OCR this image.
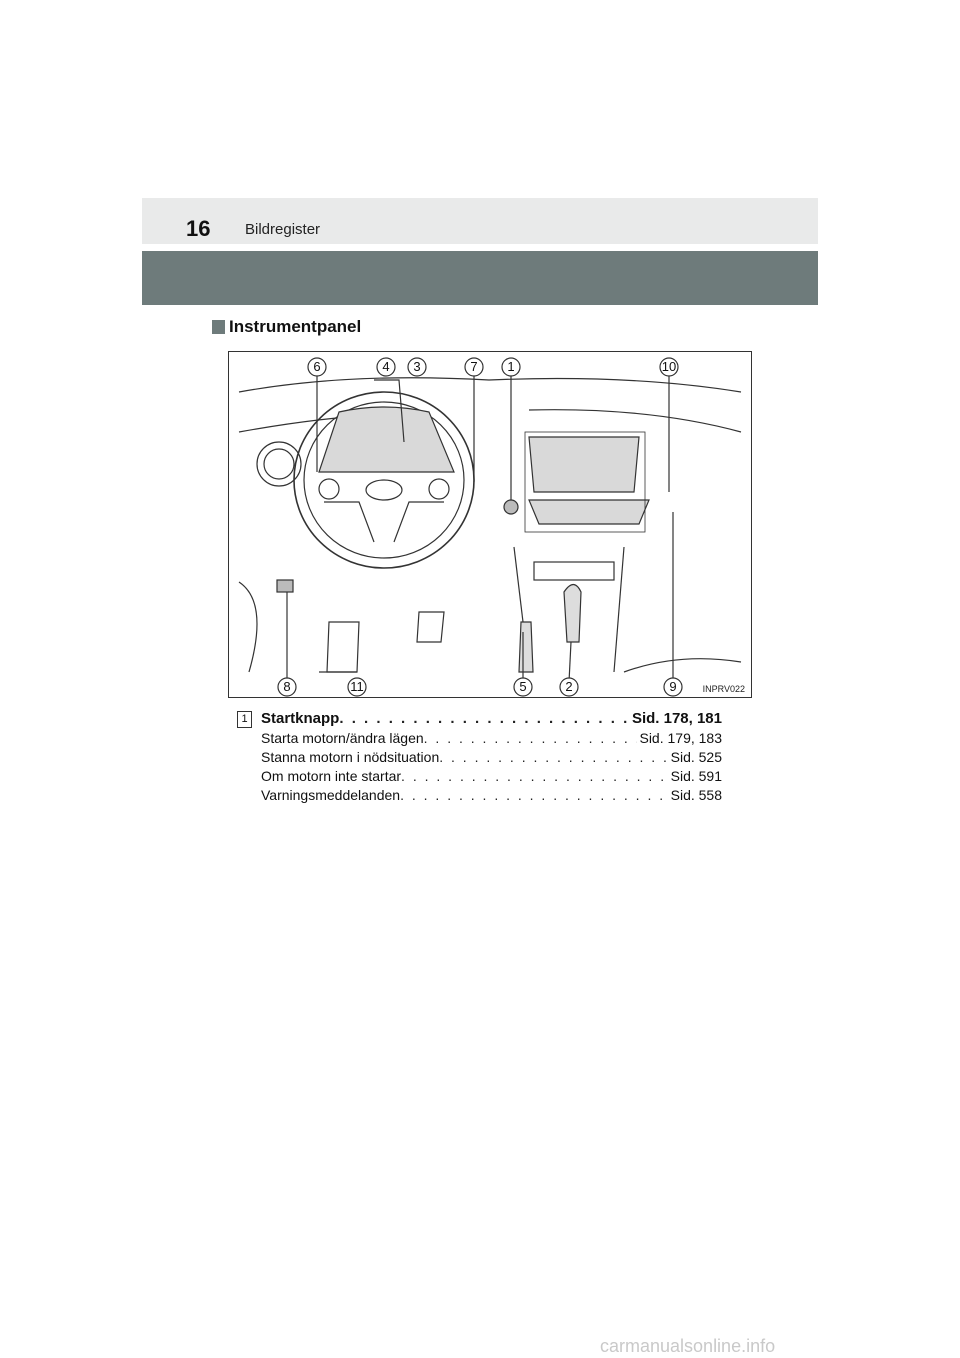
16 Bildregister
Instrumentpanel
6	4 3	7 1	10
8	11	5	2	9	INPRV022
1 Startknapp . . .	Sid. 178, 181
Starta motorn/ändra lägen . . .	Sid. 179, 183
Stanna motorn i nödsituation . . .	Sid. 525
Om motorn inte startar . . .	Sid. 591
Varningsmeddelanden . . .	Sid. 558
carmanualsonline.info
